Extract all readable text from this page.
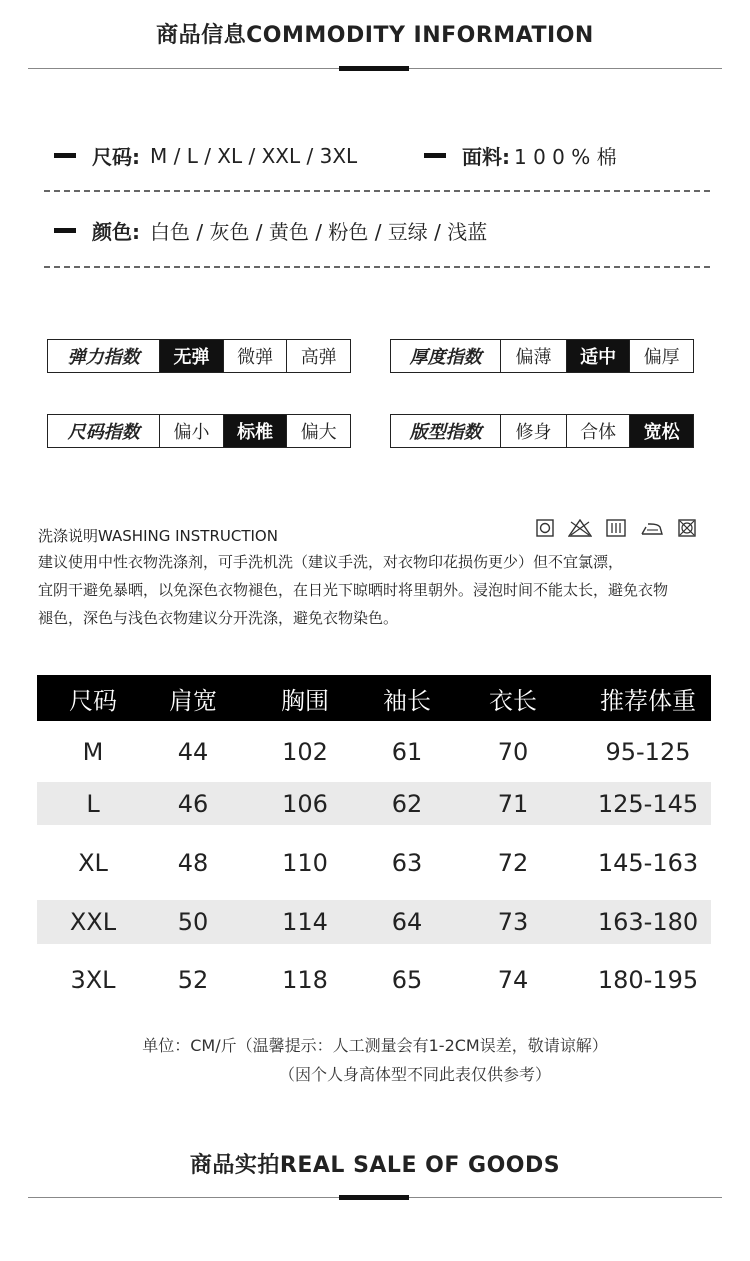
商品信息COMMODITY INFORMATION
尺码: M / L / XL / XXL / 3XL	面料: 1 0 0 % 棉
颜色: 白色 / 灰色 / 黄色 / 粉色 / 豆绿 / 浅蓝
弹力指数	无弹	微弹	高弹	厚度指数	偏薄	适中	偏厚
尺码指数	偏小	标椎	偏大	版型指数	修身	合体	宽松
洗涤说明WASHING INSTRUCTION
建议使用中性衣物洗涤剂，可手洗机洗（建议手洗，对衣物印花损伤更少）但不宜氯漂，
宜阴干避免暴晒，以免深色衣物褪色，在日光下晾晒时将里朝外。浸泡时间不能太长，避免衣物
褪色，深色与浅色衣物建议分开洗涤，避免衣物染色。
尺码	肩宽	胸围	袖长	衣长	推荐体重
M	44	102	61	70	95-125
L	46	106	62	71	125-145
XL	48	110	63	72	145-163
XXL	50	114	64	73	163-180
3XL	52	118	65	74	180-195
单位：CM/斤（温馨提示：人工测量会有1-2CM误差，敬请谅解）
（因个人身高体型不同此表仅供参考）
商品实拍REAL SALE OF GOODS
